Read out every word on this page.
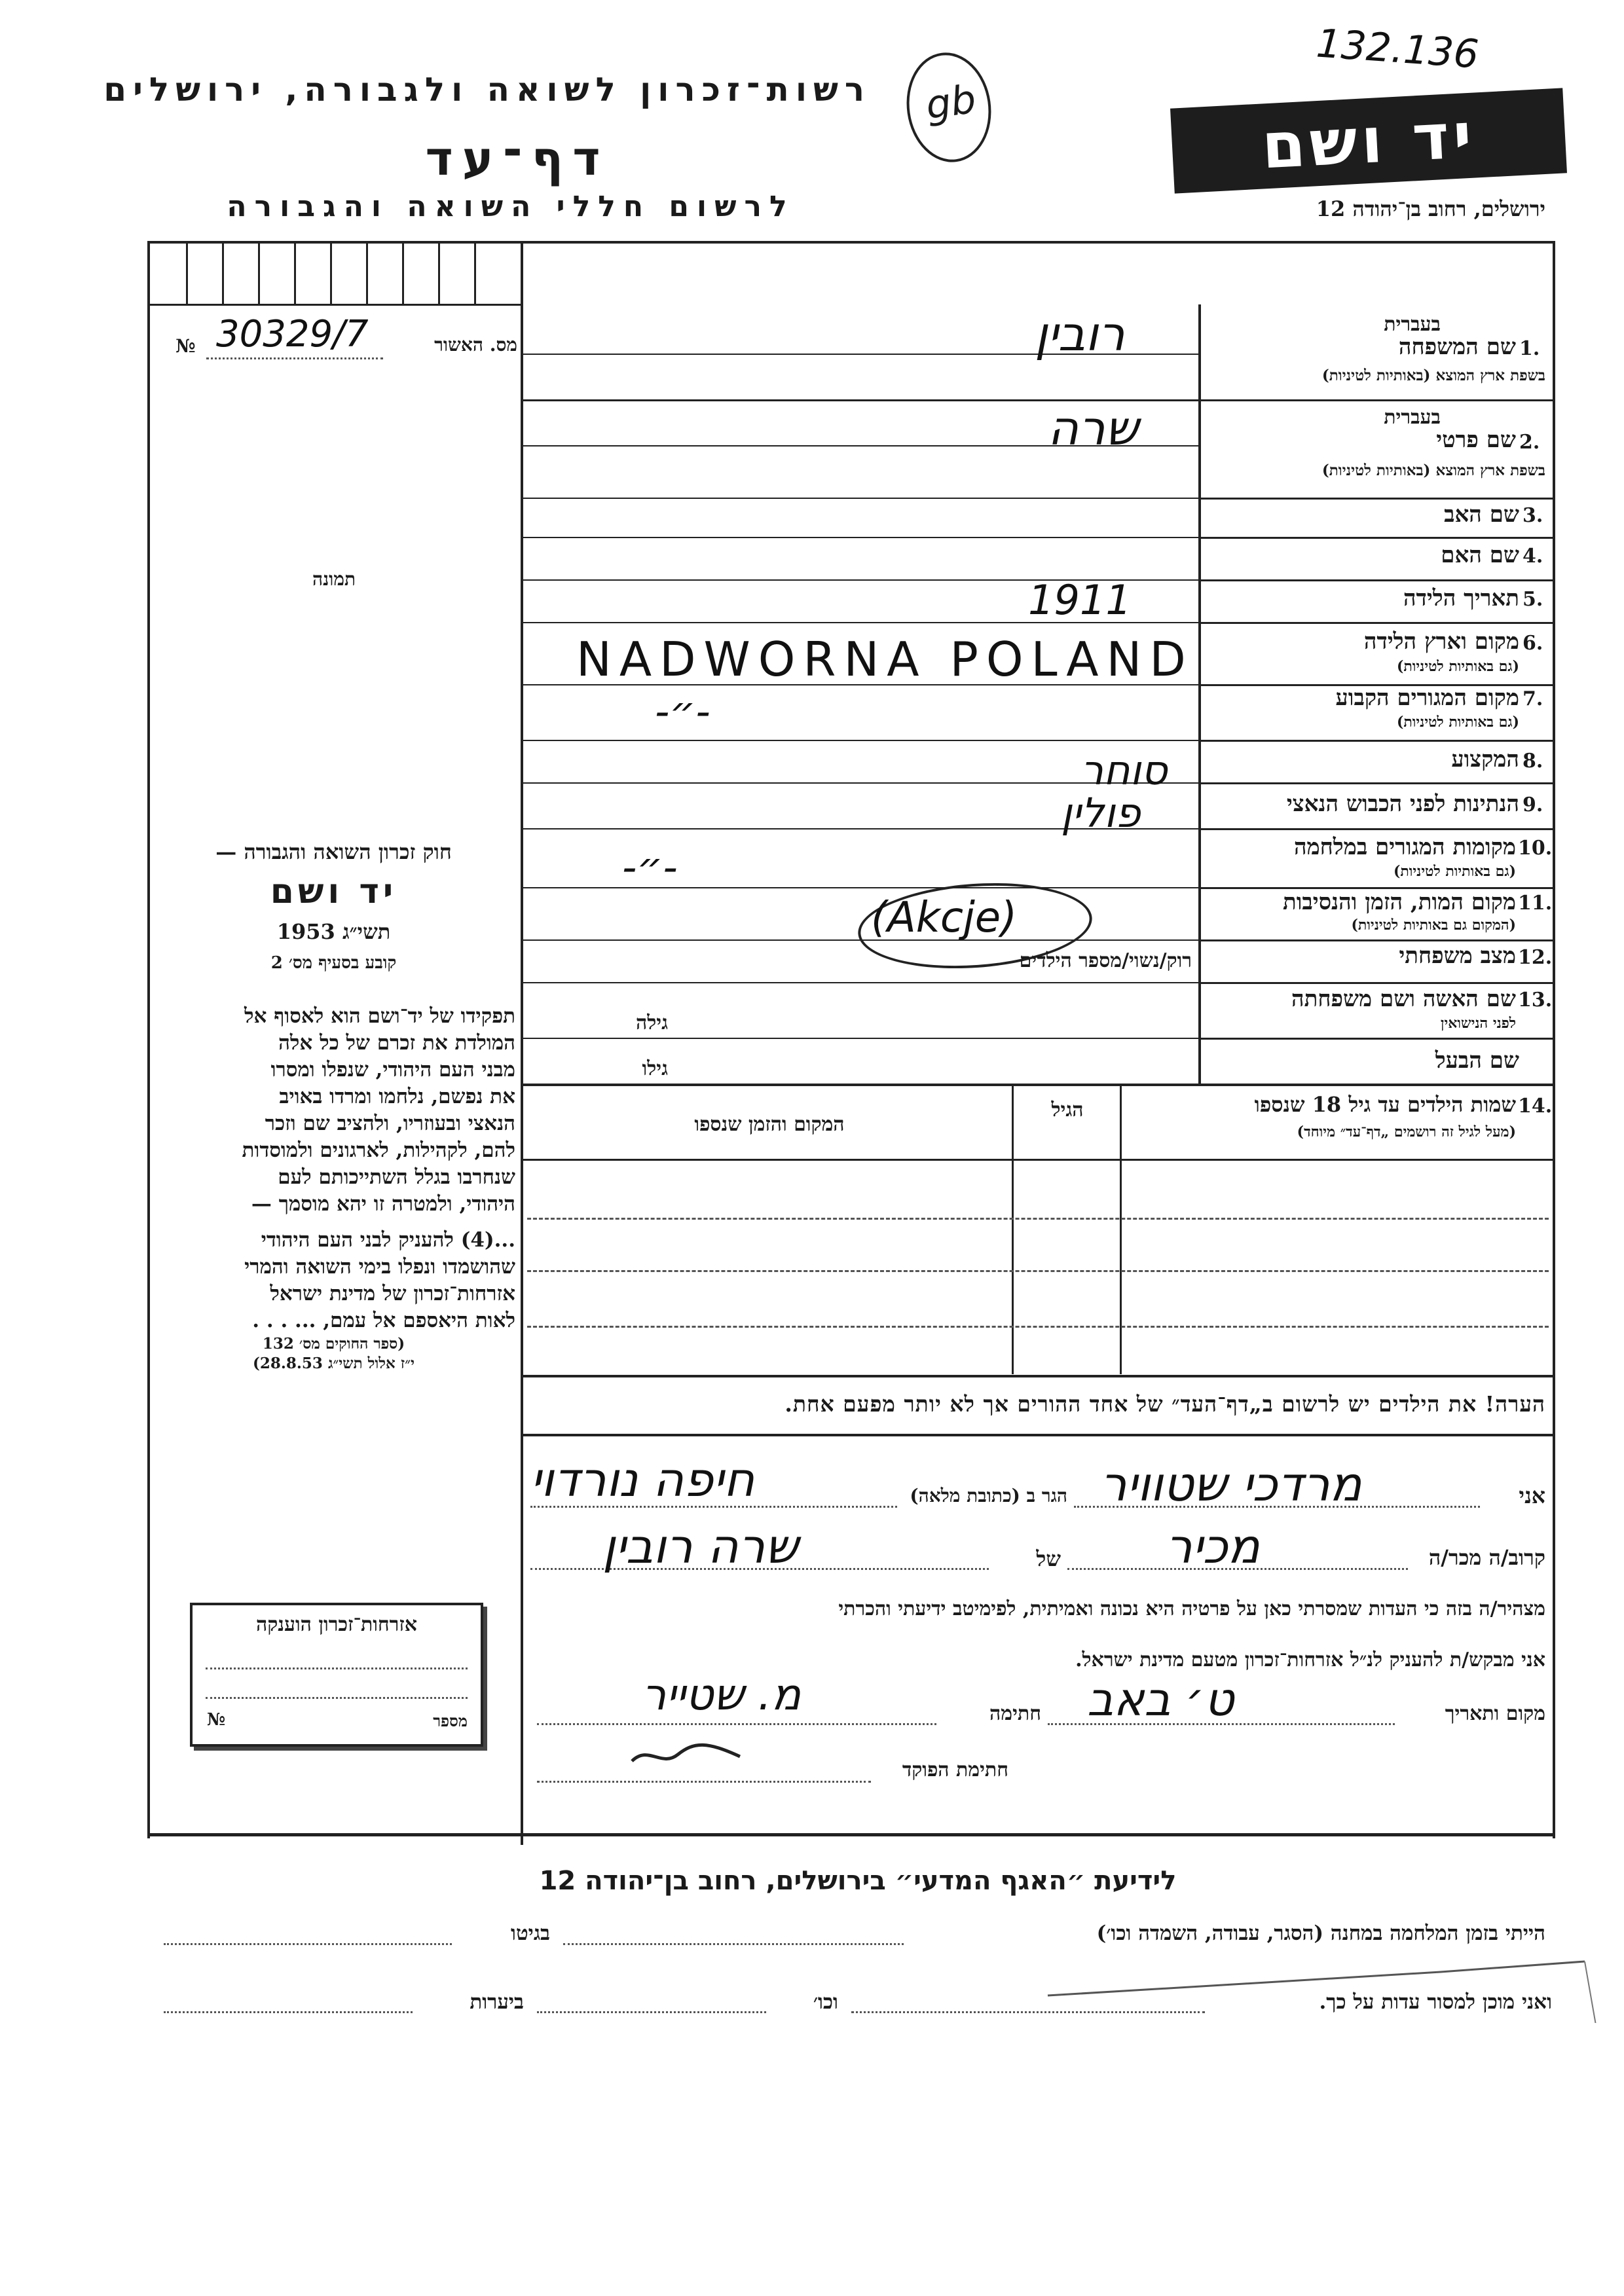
רשות־זכרון לשואה ולגבורה, ירושלים
דף־עד
לרשום חללי השואה והגבורה
132.136
gb	יד ושם
ירושלים, רחוב בן־יהודה 12
מס. האשור
№ 30329/7
תמונה
חוק זכרון השואה והגבורה —
יד ושם
תשי״ג 1953
קובע בסעיף מס׳ 2
תפקידו של יד־ושם הוא לאסוף אל
המולדת את זכרם של כל אלה
מבני העם היהודי, שנפלו ומסרו
את נפשם, נלחמו ומרדו באויב
הנאצי ובעוזריו, ולהציב שם וזכר
להם, לקהילות, לארגונים ולמוסדות
שנחרבו בגלל השתייכותם לעם
היהודי, ולמטרה זו יהא מוסמך —
...(4) להעניק לבני העם היהודי
שהושמדו ונפלו בימי השואה והמרי
אזרחות־זכרון של מדינת ישראל
לאות היאספם אל עמם, ... . . .
(ספר החוקים מס׳ 132
י״ז אלול תשי״ג 28.8.53)
אזרחות־זכרון הוענקה
מספר
№
בעברית
1.
שם המשפחה
בשפת ארץ המוצא (באותיות לטיניות)
רובין
בעברית
2.
שם פרטי
בשפת ארץ המוצא (באותיות לטיניות)
שרה
3.
שם האב
4.
שם האם
5.
תאריך הלידה
1911
6.
מקום וארץ הלידה
(גם באותיות לטיניות)
NADWORNA POLAND
7.
מקום המגורים הקבוע
(גם באותיות לטיניות)
-״-
8.
המקצוע
סוחר
9.
הנתינות לפני הכבוש הנאצי
פולין
10.
מקומות המגורים במלחמה
(גם באותיות לטיניות)
-״-
11.
מקום המות, הזמן והנסיבות
(המקום גם באותיות לטיניות)
(Akcje)
12.
מצב משפחתי
רוק/נשוי/מספר הילדים
13.
שם האשה ושם משפחתה
לפני הנישואין
גילה
שם הבעל
גילו
14.
שמות הילדים עד גיל 18 שנספו
(מעל לגיל זה רושמים „דף־עד״ מיוחד)
הגיל
המקום והזמן שנספו
הערה! את הילדים יש לרשום ב„דף־העד״ של אחד ההורים אך לא יותר מפעם אחת.
אני
מרדכי שטוויר
הגר ב (כתובת מלאה)
חיפה נורדוי
קרוב/ה מכר/ה
מכיר
של
שרה רובין
מצהיר/ה בזה כי העדות שמסרתי כאן על פרטיה היא נכונה ואמיתית, לפימיטב ידיעתי והכרתי
אני מבקש/ת להעניק לנ״ל אזרחות־זכרון מטעם מדינת ישראל.
מקום ותאריך
ט׳ באב
חתימה
מ. שטייר
חתימת הפוקד
לידיעת ״האגף המדעי״ בירושלים, רחוב בן־יהודה 12
הייתי בזמן המלחמה במחנה (הסגר, עבודה, השמדה וכו׳)
בגיטו
ואני מוכן למסור עדות על כך.
וכו׳
ביערות
